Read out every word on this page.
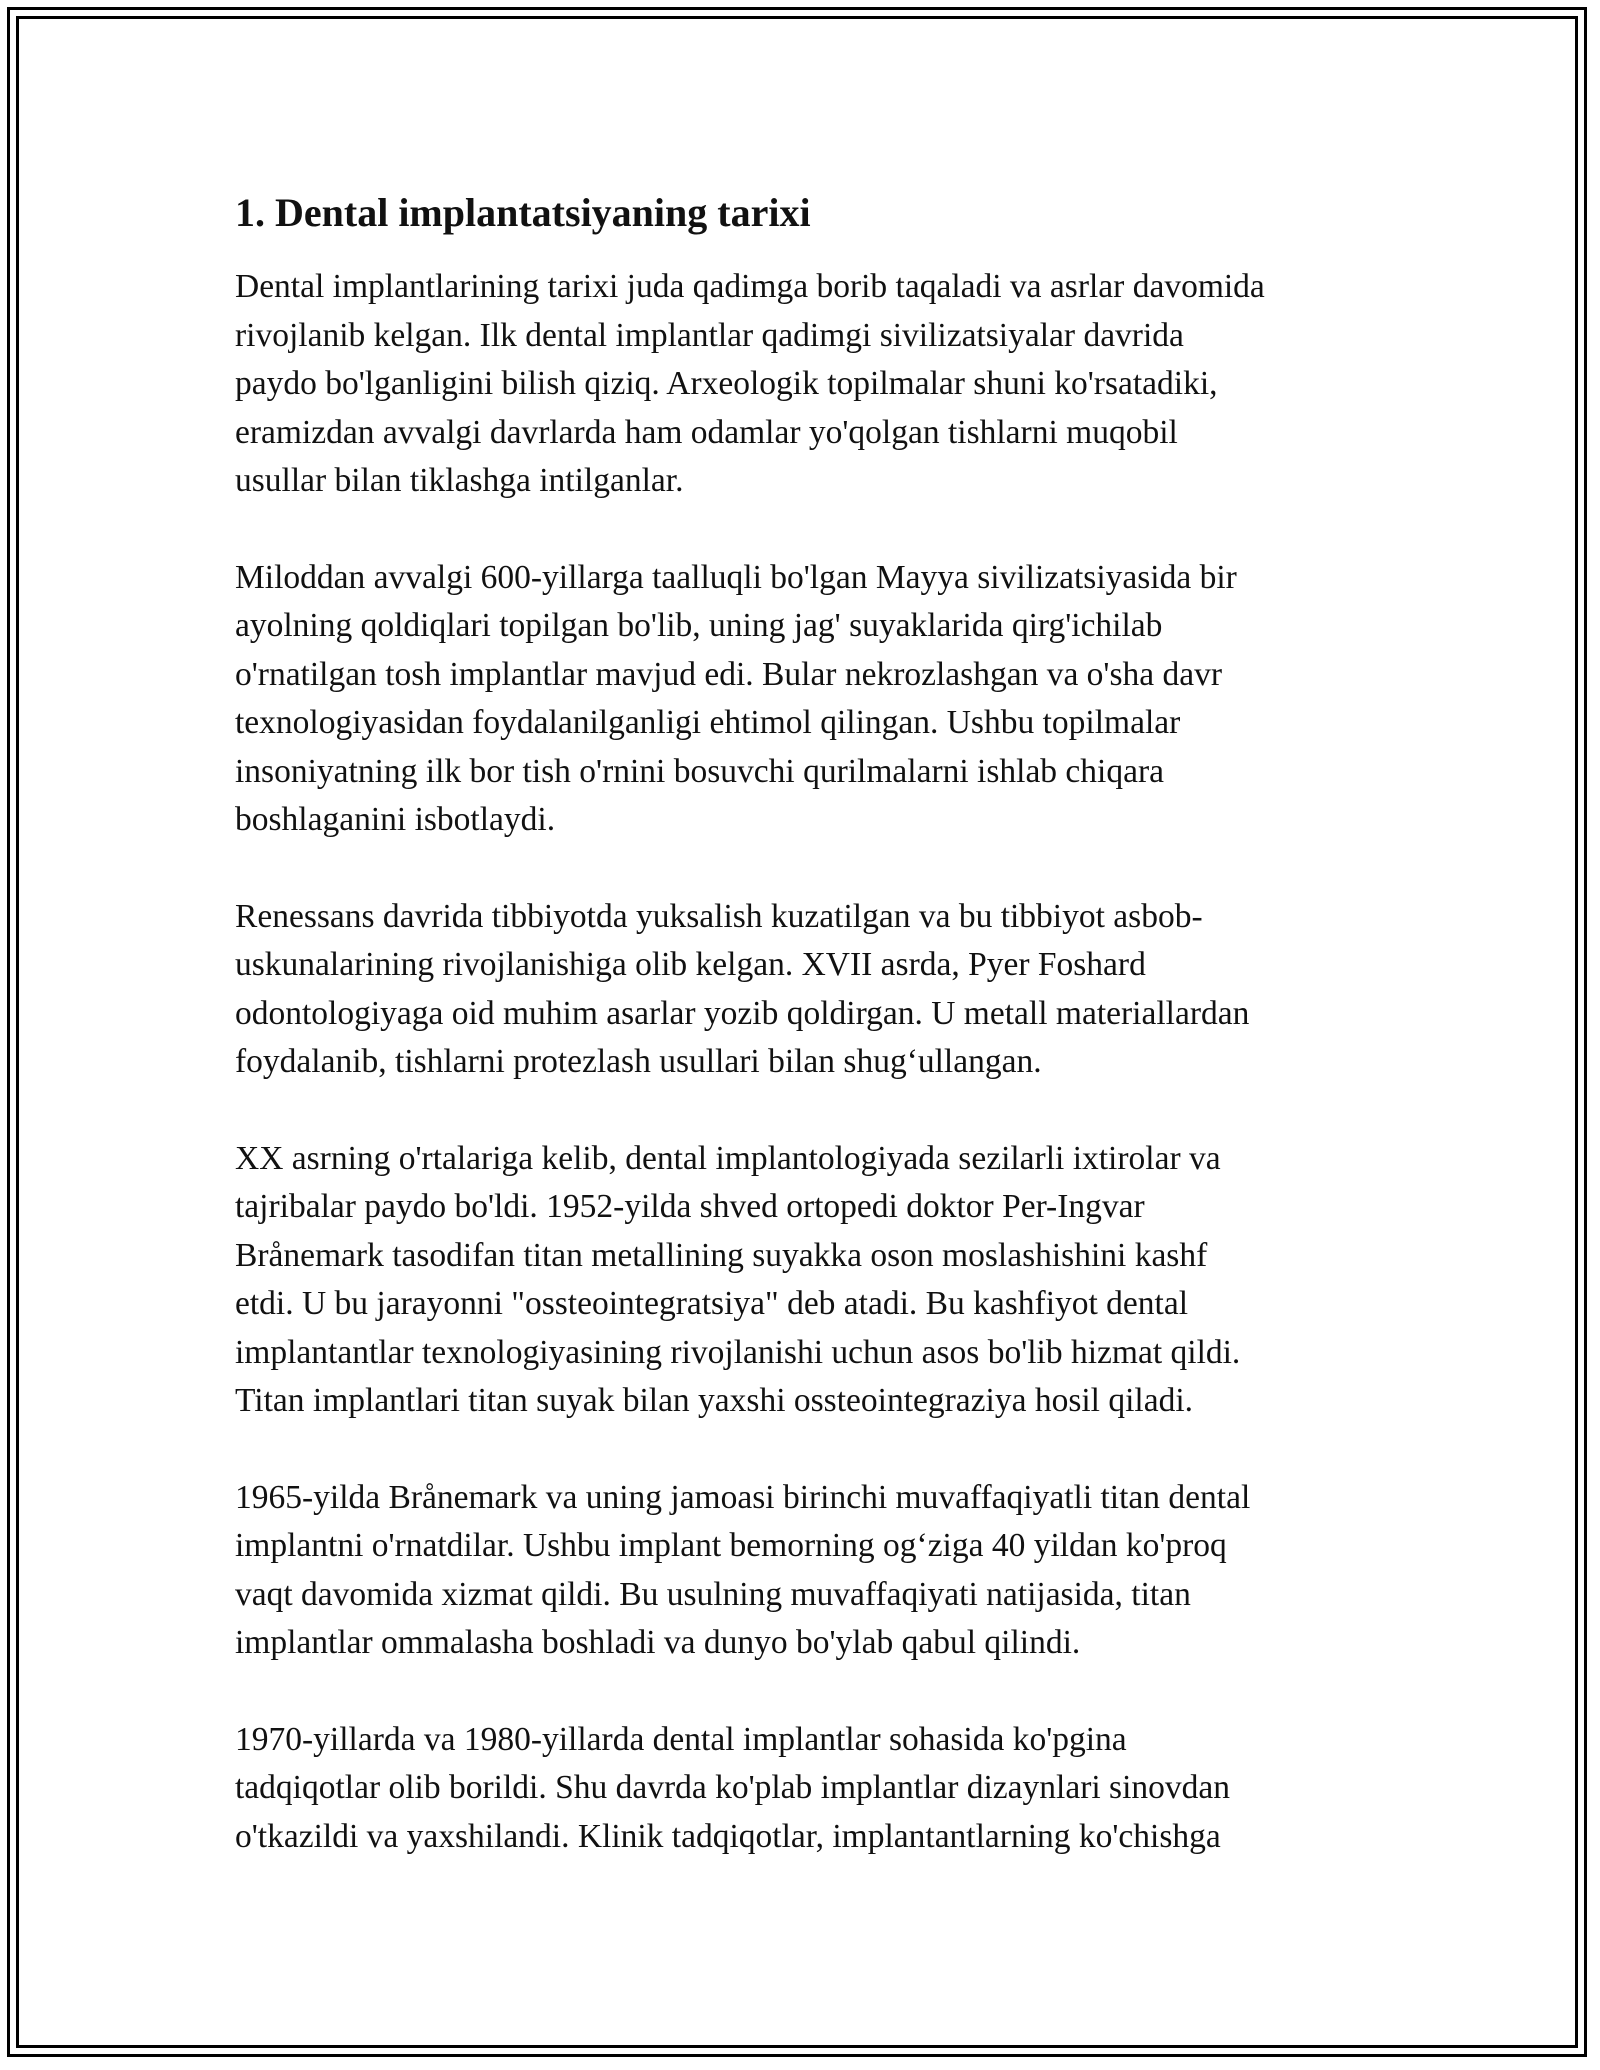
1. Dental implantatsiyaning tarixi

Dental implantlarining tarixi juda qadimga borib taqaladi va asrlar davomida
rivojlanib kelgan. Ilk dental implantlar qadimgi sivilizatsiyalar davrida
paydo bo'lganligini bilish qiziq. Arxeologik topilmalar shuni ko'rsatadiki,
eramizdan avvalgi davrlarda ham odamlar yo'qolgan tishlarni muqobil
usullar bilan tiklashga intilganlar.

Miloddan avvalgi 600-yillarga taalluqli bo'lgan Mayya sivilizatsiyasida bir
ayolning qoldiqlari topilgan bo'lib, uning jag' suyaklarida qirg'ichilab
o'rnatilgan tosh implantlar mavjud edi. Bular nekrozlashgan va o'sha davr
texnologiyasidan foydalanilganligi ehtimol qilingan. Ushbu topilmalar
insoniyatning ilk bor tish o'rnini bosuvchi qurilmalarni ishlab chiqara
boshlaganini isbotlaydi.

Renessans davrida tibbiyotda yuksalish kuzatilgan va bu tibbiyot asbob-
uskunalarining rivojlanishiga olib kelgan. XVII asrda, Pyer Foshard
odontologiyaga oid muhim asarlar yozib qoldirgan. U metall materiallardan
foydalanib, tishlarni protezlash usullari bilan shug‘ullangan.

XX asrning o'rtalariga kelib, dental implantologiyada sezilarli ixtirolar va
tajribalar paydo bo'ldi. 1952-yilda shved ortopedi doktor Per-Ingvar
Brånemark tasodifan titan metallining suyakka oson moslashishini kashf
etdi. U bu jarayonni "ossteointegratsiya" deb atadi. Bu kashfiyot dental
implantantlar texnologiyasining rivojlanishi uchun asos bo'lib hizmat qildi.
Titan implantlari titan suyak bilan yaxshi ossteointegraziya hosil qiladi.

1965-yilda Brånemark va uning jamoasi birinchi muvaffaqiyatli titan dental
implantni o'rnatdilar. Ushbu implant bemorning og‘ziga 40 yildan ko'proq
vaqt davomida xizmat qildi. Bu usulning muvaffaqiyati natijasida, titan
implantlar ommalasha boshladi va dunyo bo'ylab qabul qilindi.

1970-yillarda va 1980-yillarda dental implantlar sohasida ko'pgina
tadqiqotlar olib borildi. Shu davrda ko'plab implantlar dizaynlari sinovdan
o'tkazildi va yaxshilandi. Klinik tadqiqotlar, implantantlarning ko'chishga
